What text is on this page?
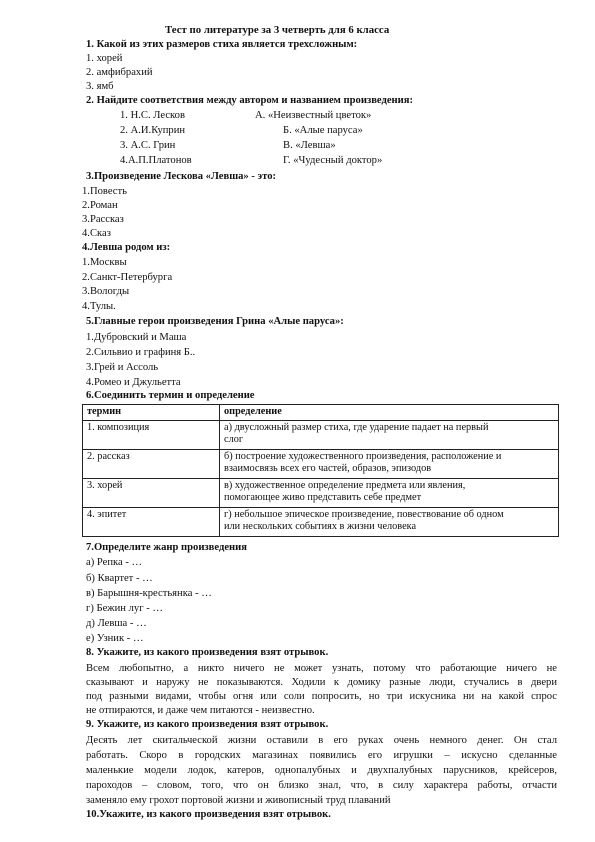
Тест по литературе за 3 четверть для 6 класса
1. Какой из этих размеров стиха является трехсложным:
1. хорей
2. амфибрахий
3. ямб
2. Найдите соответствия между автором и названием произведения:
1. Н.С. Лесков	А. «Неизвестный цветок»
2. А.И.Куприн	Б. «Алые паруса»
3. А.С. Грин	В. «Левша»
4.А.П.Платонов	Г. «Чудесный доктор»
3.Произведение Лескова «Левша» - это:
1.Повесть
2.Роман
3.Рассказ
4.Сказ
4.Левша родом из:
1.Москвы
2.Санкт-Петербурга
3.Вологды
4.Тулы.
5.Главные герои произведения Грина «Алые паруса»:
1.Дубровский и Маша
2.Сильвио и графиня Б..
3.Грей и Ассоль
4.Ромео и Джульетта
6.Соединить термин и определение
термин	определение
1. композиция	а) двусложный размер стиха, где ударение падает на первый
слог
2. рассказ	б) построение художественного произведения, расположение и
взаимосвязь всех его частей, образов, эпизодов
3. хорей	в) художественное определение предмета или явления,
помогающее живо представить себе предмет
4. эпитет	г) небольшое эпическое произведение, повествование об одном
или нескольких событиях в жизни человека
7.Определите жанр произведения
а) Репка - …
б) Квартет - …
в) Барышня-крестьянка - …
г) Бежин луг - …
д) Левша - …
е) Узник - …
8. Укажите, из какого произведения взят отрывок.
Всем любопытно, а никто ничего не может узнать, потому что работающие ничего не
сказывают и наружу не показываются. Ходили к домику разные люди, стучались в двери
под разными видами, чтобы огня или соли попросить, но три искусника ни на какой спрос
не отпираются, и даже чем питаются - неизвестно.
9. Укажите, из какого произведения взят отрывок.
Десять лет скитальческой жизни оставили в его руках очень немного денег. Он стал
работать. Скоро в городских магазинах появились его игрушки – искусно сделанные
маленькие модели лодок, катеров, однопалубных и двухпалубных парусников, крейсеров,
пароходов – словом, того, что он близко знал, что, в силу характера работы, отчасти
заменяло ему грохот портовой жизни и живописный труд плаваний
10.Укажите, из какого произведения взят отрывок.
